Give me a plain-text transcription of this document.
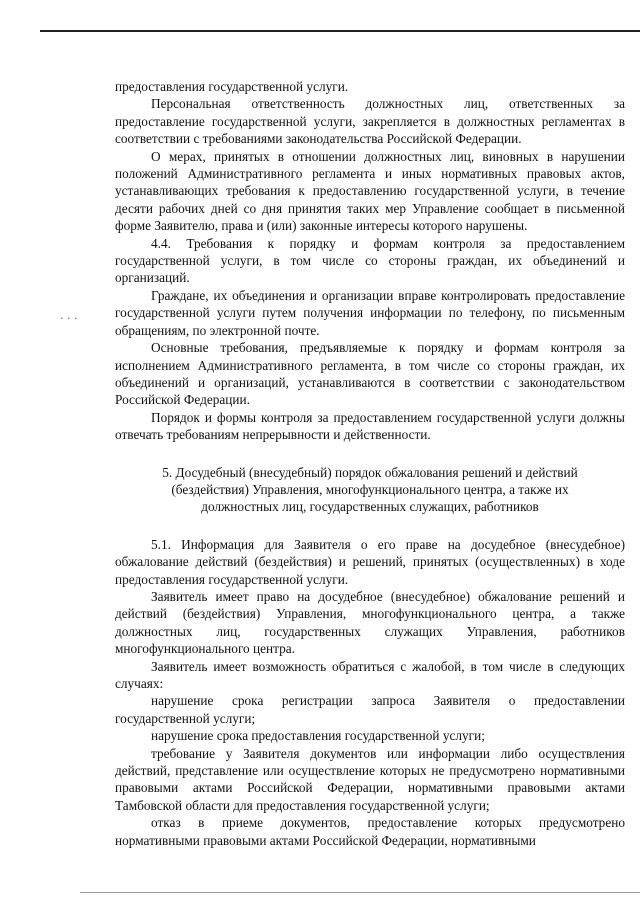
· · ·

предоставления государственной услуги.

Персональная ответственность должностных лиц, ответственных за предоставление государственной услуги, закрепляется в должностных регламентах в соответствии с требованиями законодательства Российской Федерации.

О мерах, принятых в отношении должностных лиц, виновных в нарушении положений Административного регламента и иных нормативных правовых актов, устанавливающих требования к предоставлению государственной услуги, в течение десяти рабочих дней со дня принятия таких мер Управление сообщает в письменной форме Заявителю, права и (или) законные интересы которого нарушены.

4.4. Требования к порядку и формам контроля за предоставлением государственной услуги, в том числе со стороны граждан, их объединений и организаций.

Граждане, их объединения и организации вправе контролировать предоставление государственной услуги путем получения информации по телефону, по письменным обращениям, по электронной почте.

Основные требования, предъявляемые к порядку и формам контроля за исполнением Административного регламента, в том числе со стороны граждан, их объединений и организаций, устанавливаются в соответствии с законодательством Российской Федерации.

Порядок и формы контроля за предоставлением государственной услуги должны отвечать требованиям непрерывности и действенности.

5. Досудебный (внесудебный) порядок обжалования решений и действий (бездействия) Управления, многофункционального центра, а также их должностных лиц, государственных служащих, работников

5.1. Информация для Заявителя о его праве на досудебное (внесудебное) обжалование действий (бездействия) и решений, принятых (осуществленных) в ходе предоставления государственной услуги.

Заявитель имеет право на досудебное (внесудебное) обжалование решений и действий (бездействия) Управления, многофункционального центра, а также должностных лиц, государственных служащих Управления, работников многофункционального центра.

Заявитель имеет возможность обратиться с жалобой, в том числе в следующих случаях:

нарушение срока регистрации запроса Заявителя о предоставлении государственной услуги;

нарушение срока предоставления государственной услуги;

требование у Заявителя документов или информации либо осуществления действий, представление или осуществление которых не предусмотрено нормативными правовыми актами Российской Федерации, нормативными правовыми актами Тамбовской области для предоставления государственной услуги;

отказ в приеме документов, предоставление которых предусмотрено нормативными правовыми актами Российской Федерации, нормативными
